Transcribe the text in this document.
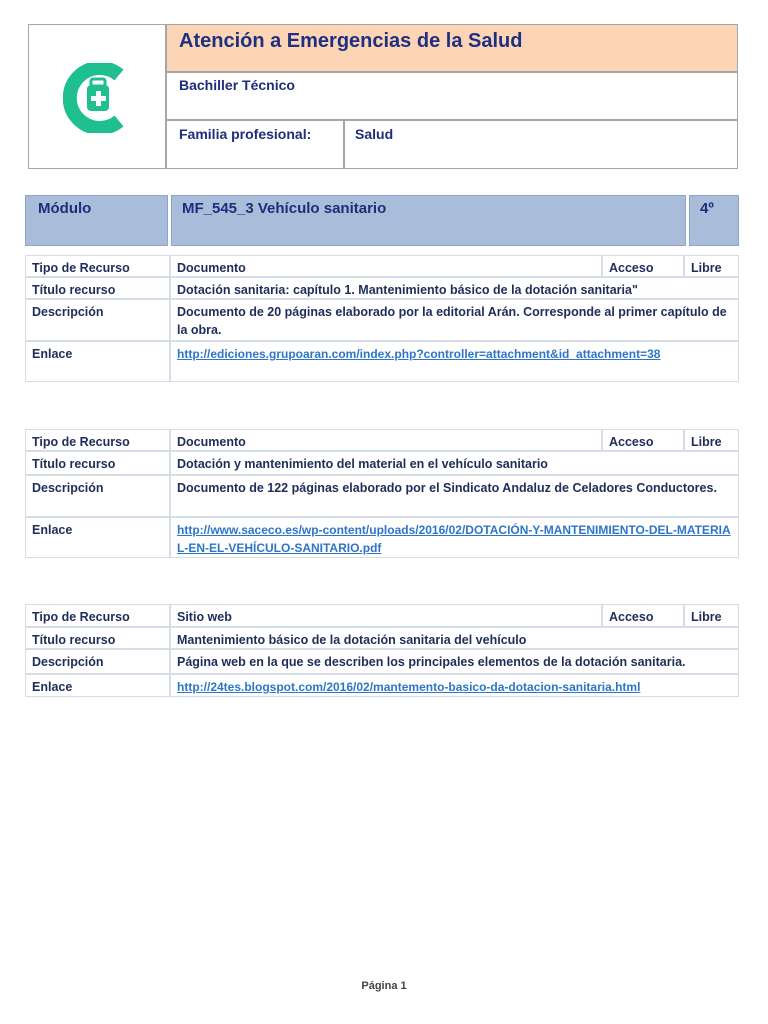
Atención a Emergencias de la Salud
Bachiller Técnico
Familia profesional:	Salud
Módulo	MF_545_3 Vehículo sanitario	4º
Tipo de Recurso	Documento	Acceso	Libre
Título recurso	Dotación sanitaria: capítulo 1. Mantenimiento básico de la dotación sanitaria"
Descripción	Documento de 20 páginas elaborado por la editorial Arán. Corresponde al primer capítulo de la obra.
Enlace	http://ediciones.grupoaran.com/index.php?controller=attachment&id_attachment=38
Tipo de Recurso	Documento	Acceso	Libre
Título recurso	Dotación y mantenimiento del material en el vehículo sanitario
Descripción	Documento de 122 páginas elaborado por el Sindicato Andaluz de Celadores Conductores.
Enlace	http://www.saceco.es/wp-content/uploads/2016/02/DOTACIÓN-Y-MANTENIMIENTO-DEL-MATERIAL-EN-EL-VEHÍCULO-SANITARIO.pdf
Tipo de Recurso	Sitio web	Acceso	Libre
Título recurso	Mantenimiento básico de la dotación sanitaria del vehículo
Descripción	Página web en la que se describen los principales elementos de la dotación sanitaria.
Enlace	http://24tes.blogspot.com/2016/02/mantemento-basico-da-dotacion-sanitaria.html
Página 1
